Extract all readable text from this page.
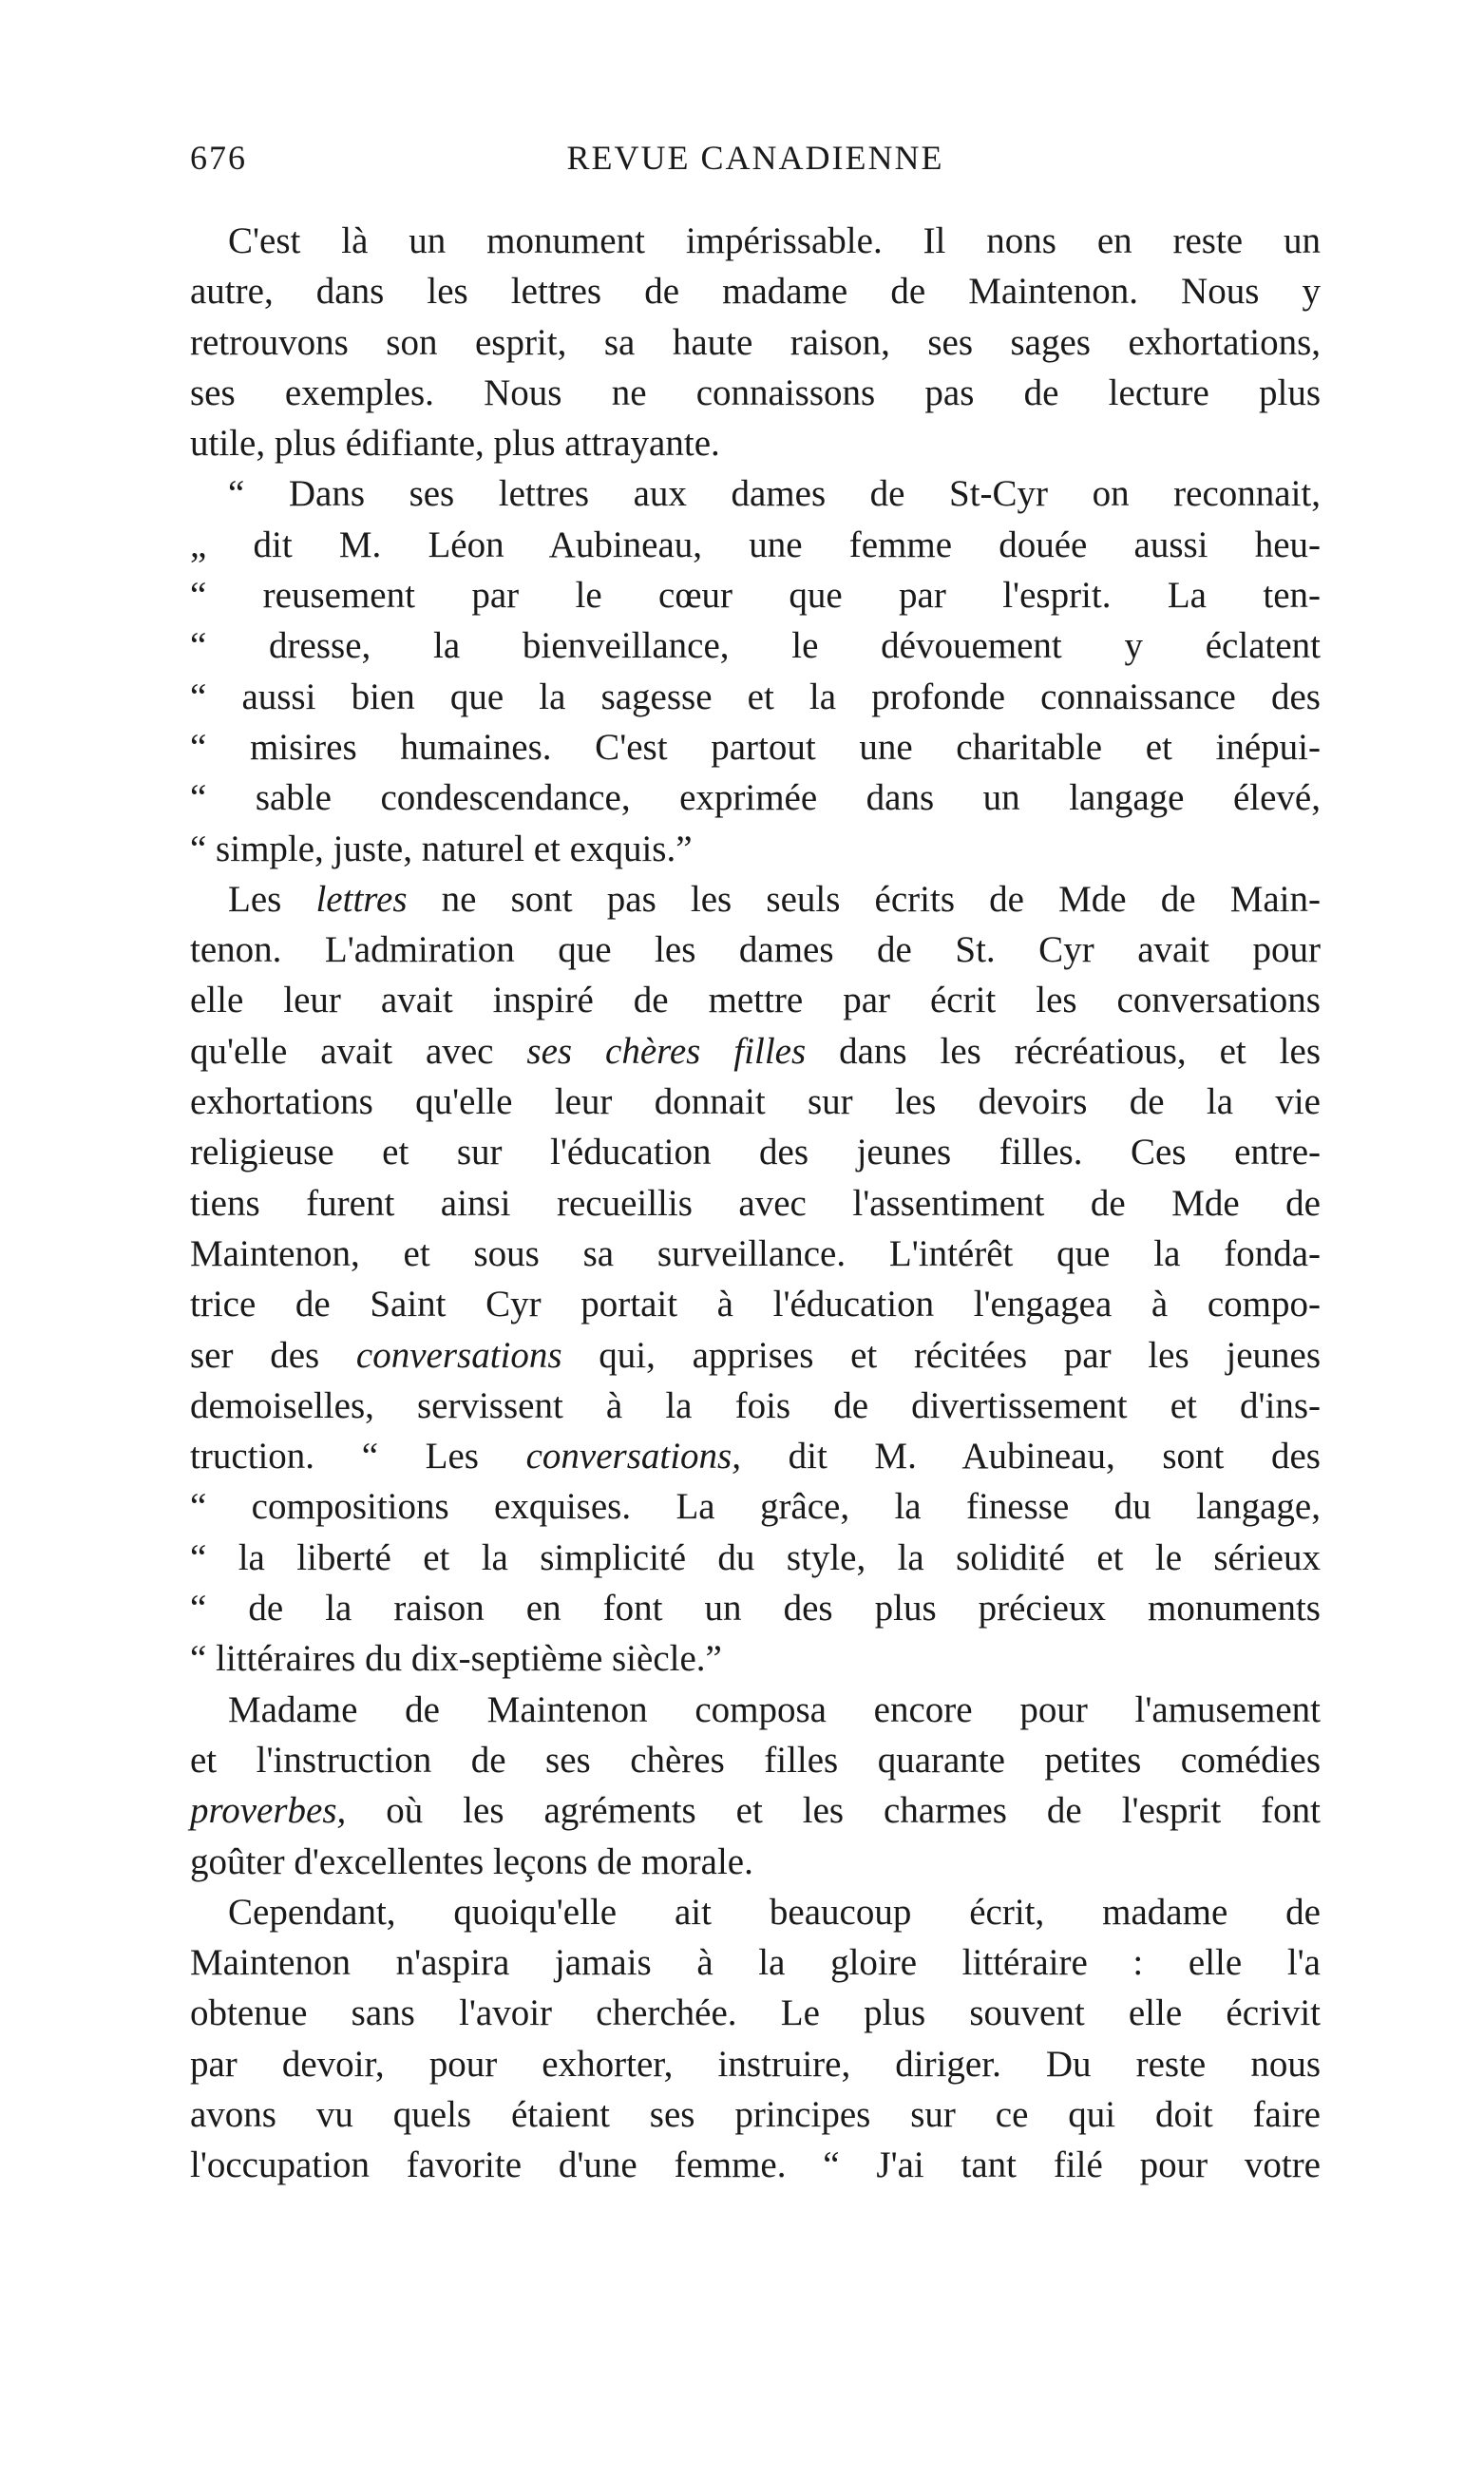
676	REVUE CANADIENNE
C'est là un monument impérissable. Il nons en reste un
autre, dans les lettres de madame de Maintenon. Nous y
retrouvons son esprit, sa haute raison, ses sages exhortations,
ses exemples. Nous ne connaissons pas de lecture plus
utile, plus édifiante, plus attrayante.
“ Dans ses lettres aux dames de St-Cyr on reconnait,
„ dit M. Léon Aubineau, une femme douée aussi heu-
“ reusement par le cœur que par l'esprit. La ten-
“ dresse, la bienveillance, le dévouement y éclatent
“ aussi bien que la sagesse et la profonde connaissance des
“ misires humaines. C'est partout une charitable et inépui-
“ sable condescendance, exprimée dans un langage élevé,
“ simple, juste, naturel et exquis.”
Les lettres ne sont pas les seuls écrits de Mde de Main-
tenon. L'admiration que les dames de St. Cyr avait pour
elle leur avait inspiré de mettre par écrit les conversations
qu'elle avait avec ses chères filles dans les récréatious, et les
exhortations qu'elle leur donnait sur les devoirs de la vie
religieuse et sur l'éducation des jeunes filles. Ces entre-
tiens furent ainsi recueillis avec l'assentiment de Mde de
Maintenon, et sous sa surveillance. L'intérêt que la fonda-
trice de Saint Cyr portait à l'éducation l'engagea à compo-
ser des conversations qui, apprises et récitées par les jeunes
demoiselles, servissent à la fois de divertissement et d'ins-
truction. “ Les conversations, dit M. Aubineau, sont des
“ compositions exquises. La grâce, la finesse du langage,
“ la liberté et la simplicité du style, la solidité et le sérieux
“ de la raison en font un des plus précieux monuments
“ littéraires du dix-septième siècle.”
Madame de Maintenon composa encore pour l'amusement
et l'instruction de ses chères filles quarante petites comédies
proverbes, où les agréments et les charmes de l'esprit font
goûter d'excellentes leçons de morale.
Cependant, quoiqu'elle ait beaucoup écrit, madame de
Maintenon n'aspira jamais à la gloire littéraire : elle l'a
obtenue sans l'avoir cherchée. Le plus souvent elle écrivit
par devoir, pour exhorter, instruire, diriger. Du reste nous
avons vu quels étaient ses principes sur ce qui doit faire
l'occupation favorite d'une femme. “ J'ai tant filé pour votre
